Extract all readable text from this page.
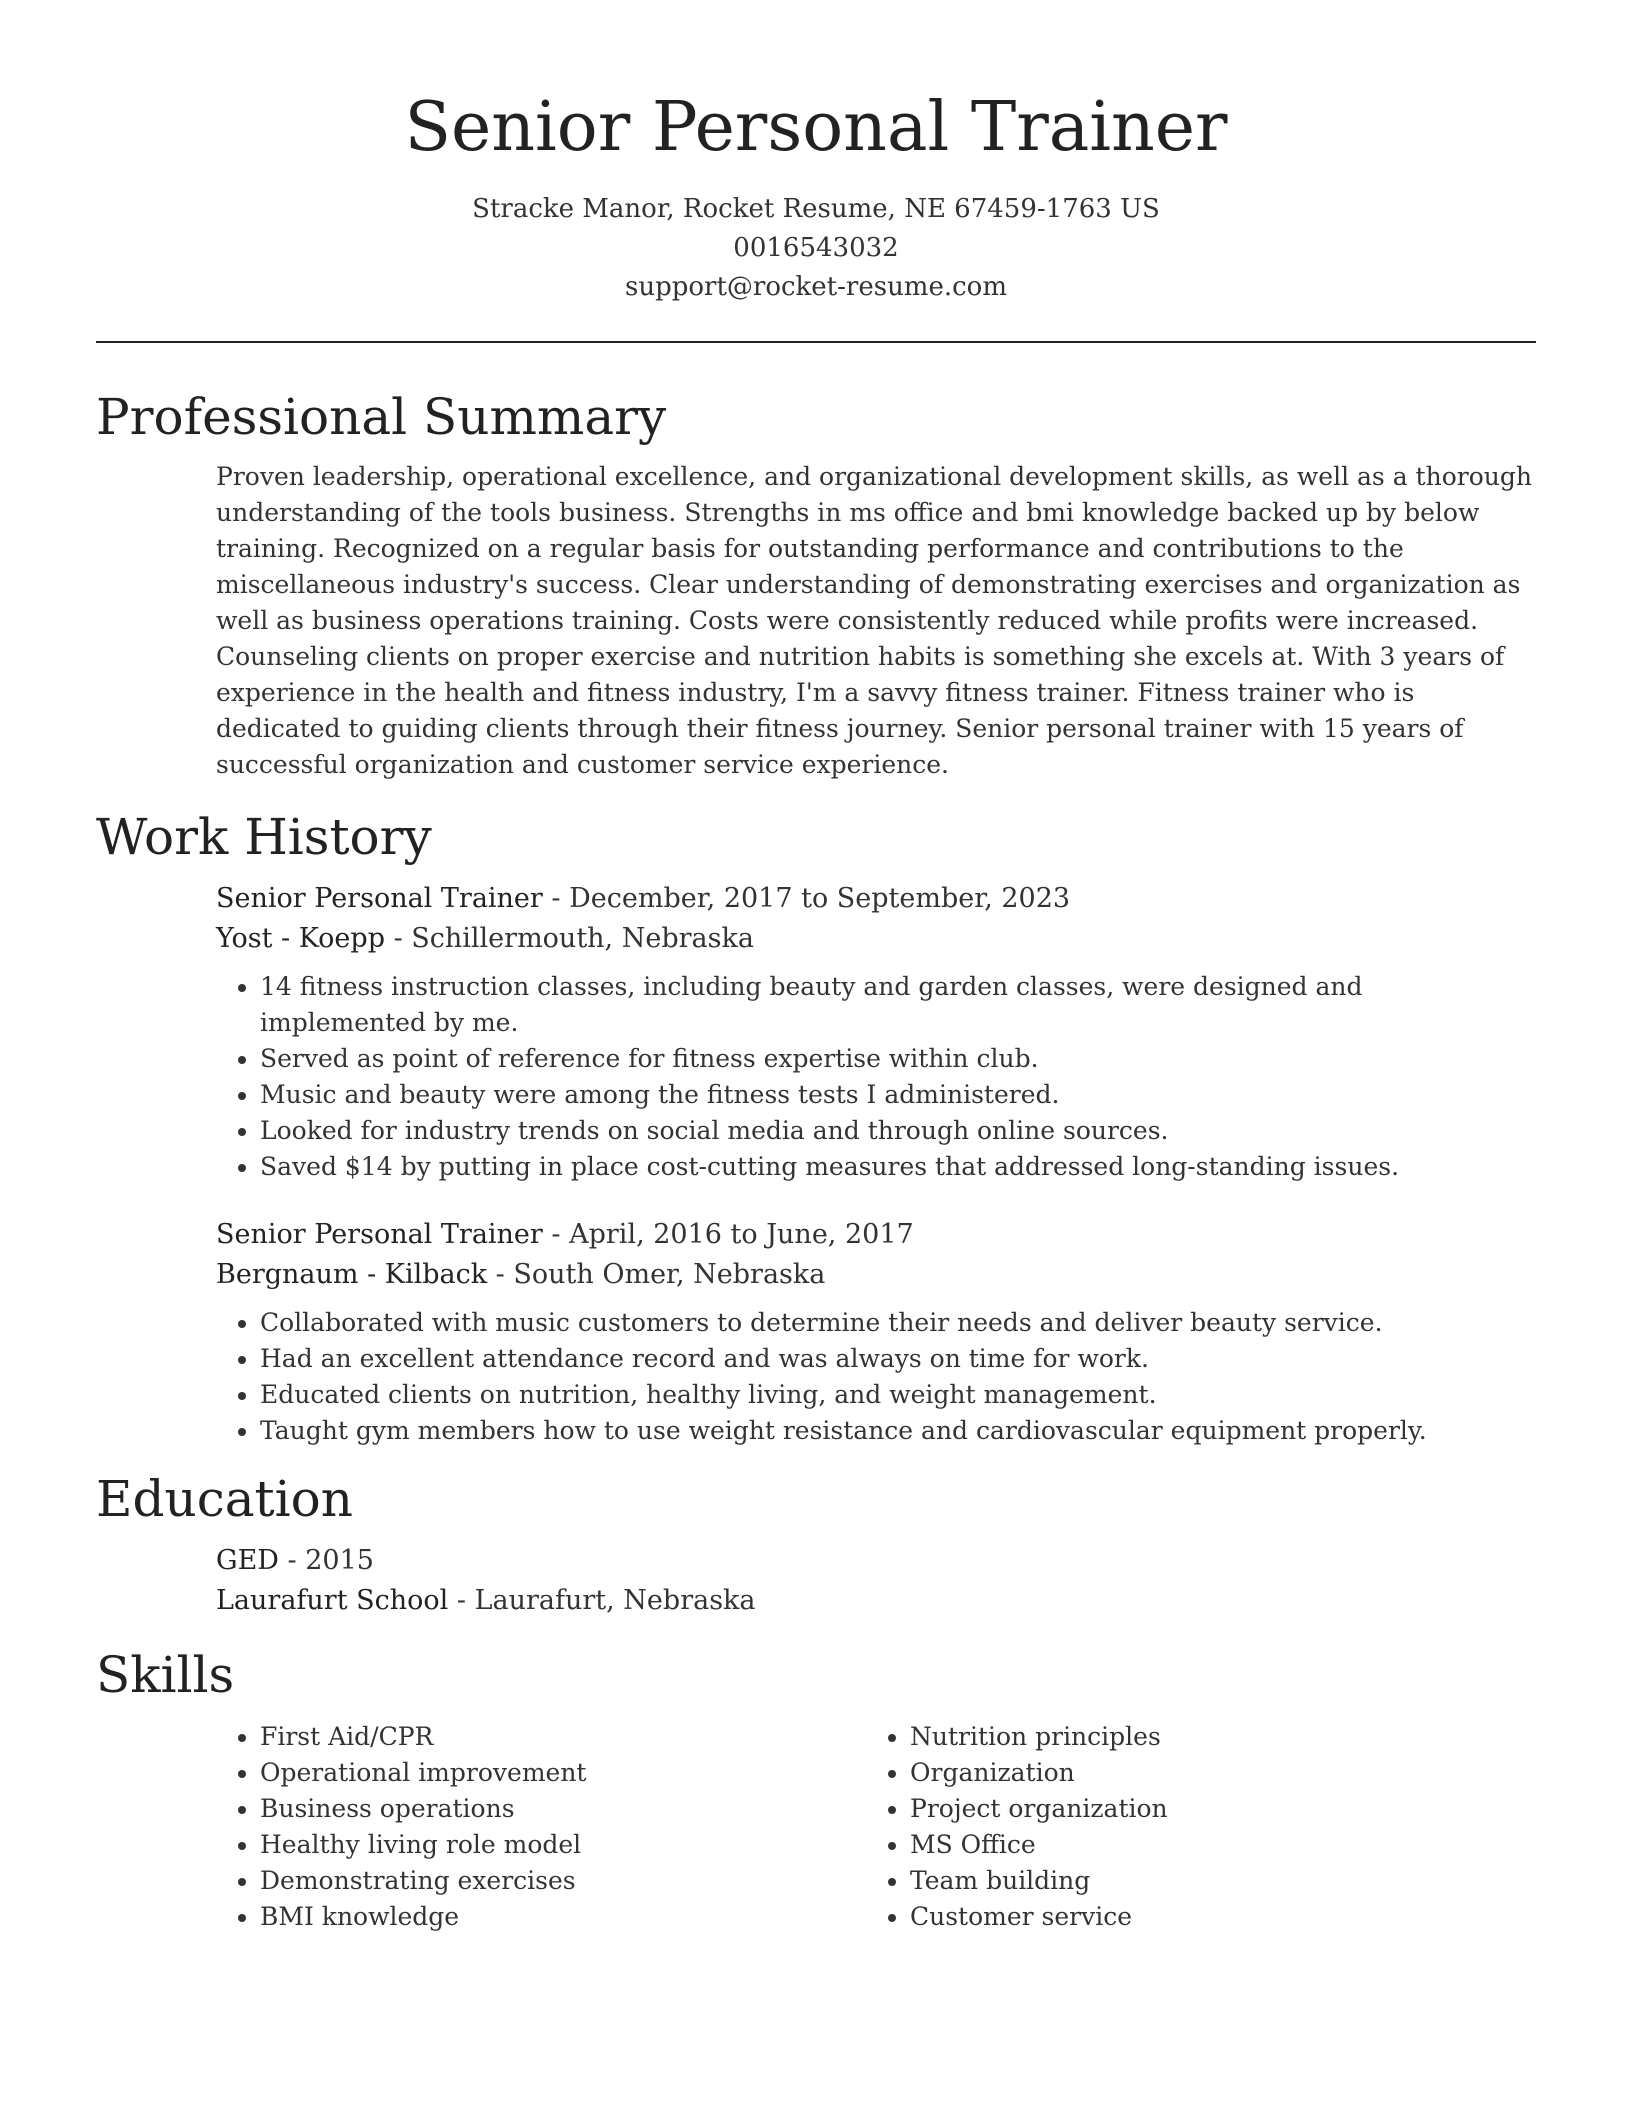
Senior Personal Trainer
Stracke Manor, Rocket Resume, NE 67459-1763 US
0016543032
support@rocket-resume.com
Professional Summary
Proven leadership, operational excellence, and organizational development skills, as well as a thorough understanding of the tools business. Strengths in ms office and bmi knowledge backed up by below training. Recognized on a regular basis for outstanding performance and contributions to the miscellaneous industry's success. Clear understanding of demonstrating exercises and organization as well as business operations training. Costs were consistently reduced while profits were increased. Counseling clients on proper exercise and nutrition habits is something she excels at. With 3 years of experience in the health and fitness industry, I'm a savvy fitness trainer. Fitness trainer who is dedicated to guiding clients through their fitness journey. Senior personal trainer with 15 years of successful organization and customer service experience.
Work History
Senior Personal Trainer - December, 2017 to September, 2023
Yost - Koepp - Schillermouth, Nebraska
• 14 fitness instruction classes, including beauty and garden classes, were designed and implemented by me.
• Served as point of reference for fitness expertise within club.
• Music and beauty were among the fitness tests I administered.
• Looked for industry trends on social media and through online sources.
• Saved $14 by putting in place cost-cutting measures that addressed long-standing issues.
Senior Personal Trainer - April, 2016 to June, 2017
Bergnaum - Kilback - South Omer, Nebraska
• Collaborated with music customers to determine their needs and deliver beauty service.
• Had an excellent attendance record and was always on time for work.
• Educated clients on nutrition, healthy living, and weight management.
• Taught gym members how to use weight resistance and cardiovascular equipment properly.
Education
GED - 2015
Laurafurt School - Laurafurt, Nebraska
Skills
• First Aid/CPR
• Operational improvement
• Business operations
• Healthy living role model
• Demonstrating exercises
• BMI knowledge
• Nutrition principles
• Organization
• Project organization
• MS Office
• Team building
• Customer service
